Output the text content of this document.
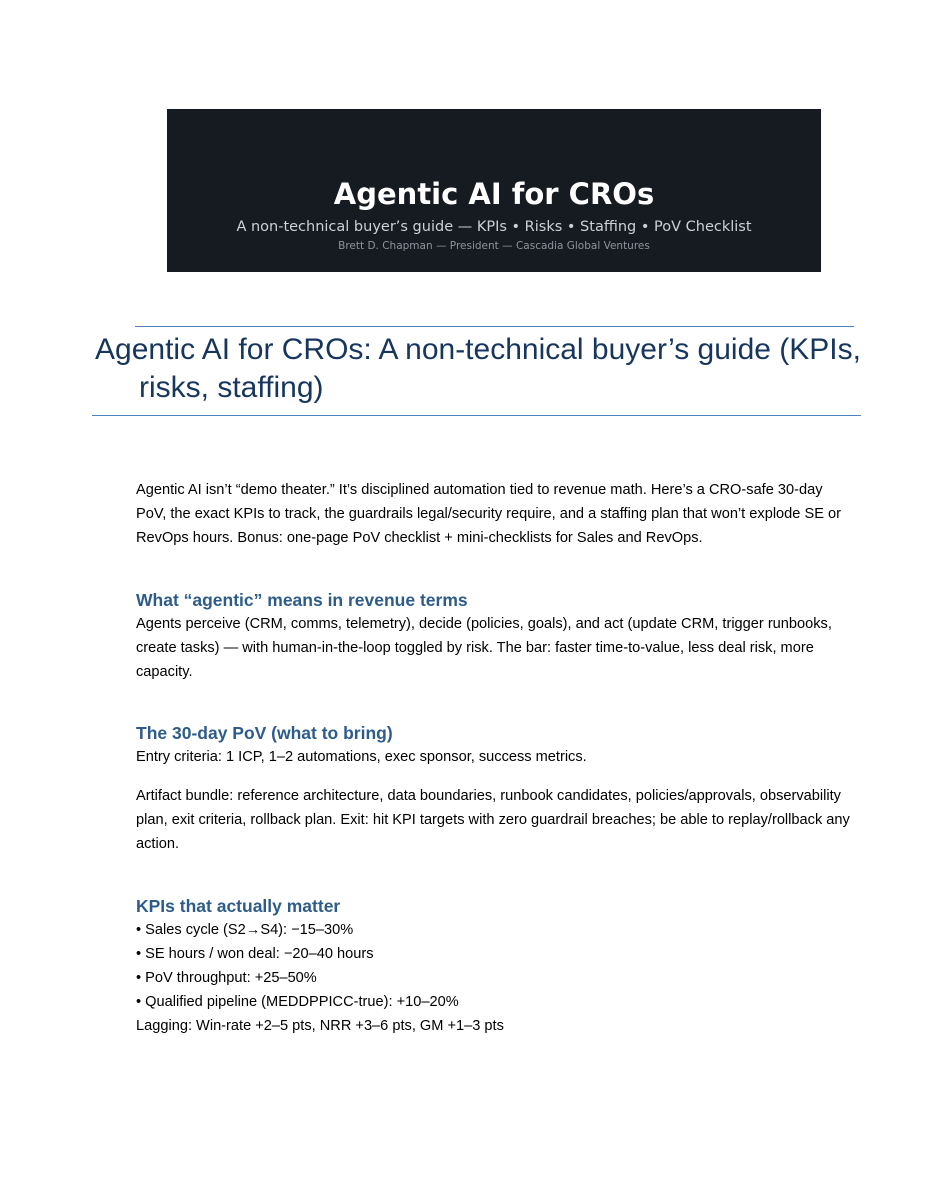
Agentic AI for CROs
A non-technical buyer’s guide — KPIs • Risks • Staffing • PoV Checklist
Brett D. Chapman — President — Cascadia Global Ventures
Agentic AI for CROs: A non-technical buyer’s guide (KPIs, risks, staffing)

Agentic AI isn’t “demo theater.” It’s disciplined automation tied to revenue math. Here’s a CRO-safe 30-day PoV, the exact KPIs to track, the guardrails legal/security require, and a staffing plan that won’t explode SE or RevOps hours. Bonus: one-page PoV checklist + mini-checklists for Sales and RevOps.

What “agentic” means in revenue terms

Agents perceive (CRM, comms, telemetry), decide (policies, goals), and act (update CRM, trigger runbooks, create tasks) — with human-in-the-loop toggled by risk. The bar: faster time-to-value, less deal risk, more capacity.

The 30-day PoV (what to bring)

Entry criteria: 1 ICP, 1–2 automations, exec sponsor, success metrics.

Artifact bundle: reference architecture, data boundaries, runbook candidates, policies/approvals, observability plan, exit criteria, rollback plan. Exit: hit KPI targets with zero guardrail breaches; be able to replay/rollback any action.

KPIs that actually matter
• Sales cycle (S2→S4): −15–30%
• SE hours / won deal: −20–40 hours
• PoV throughput: +25–50%
• Qualified pipeline (MEDDPPICC-true): +10–20%

Lagging: Win-rate +2–5 pts, NRR +3–6 pts, GM +1–3 pts
